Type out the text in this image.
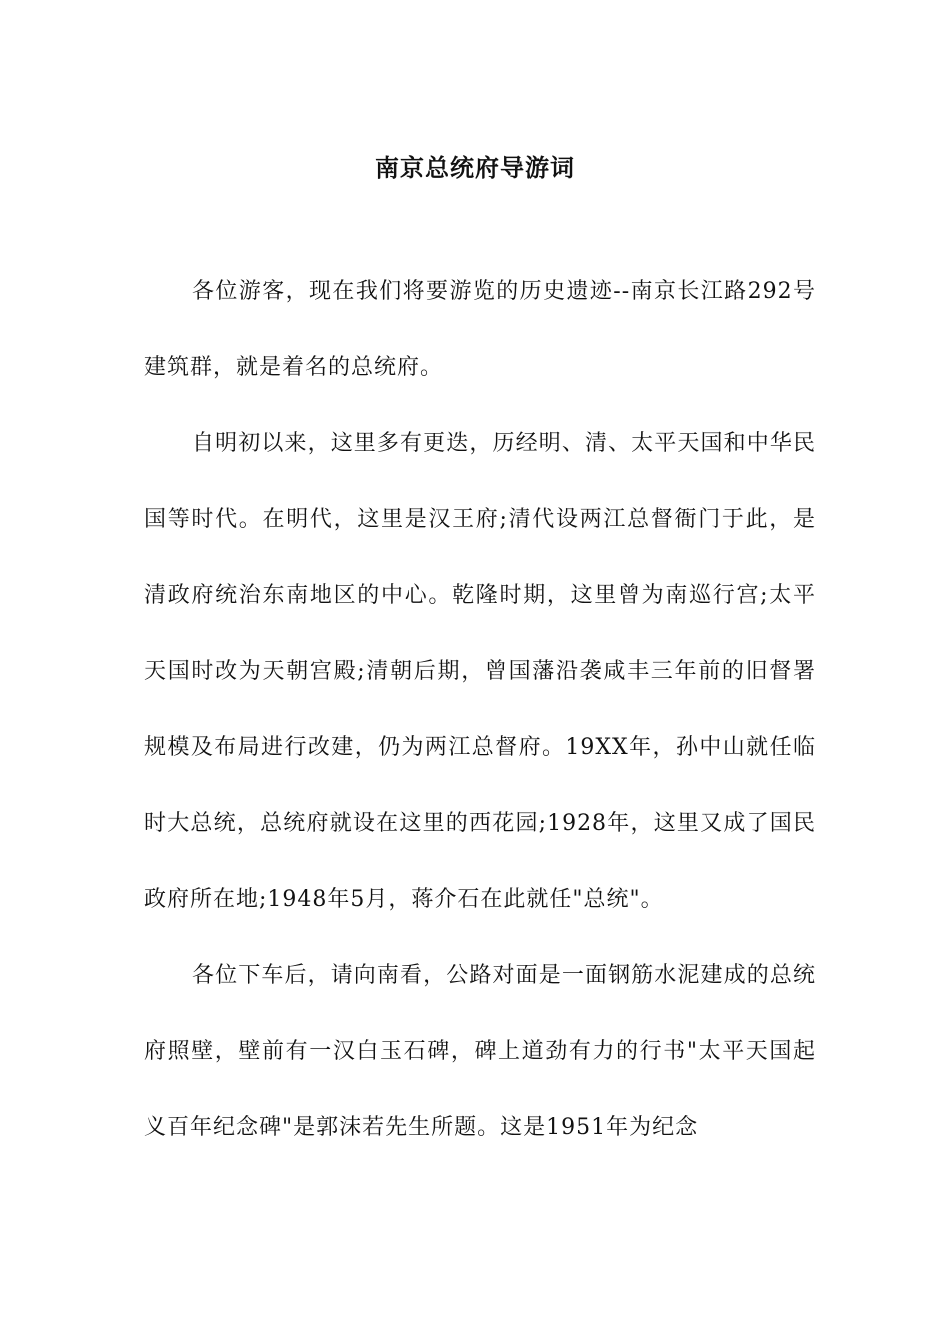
南京总统府导游词

各位游客，现在我们将要游览的历史遗迹--南京长江路292号建筑群，就是着名的总统府。

自明初以来，这里多有更迭，历经明、清、太平天国和中华民国等时代。在明代，这里是汉王府;清代设两江总督衙门于此，是清政府统治东南地区的中心。乾隆时期，这里曾为南巡行宫;太平天国时改为天朝宫殿;清朝后期，曾国藩沿袭咸丰三年前的旧督署规模及布局进行改建，仍为两江总督府。19XX年，孙中山就任临时大总统，总统府就设在这里的西花园;1928年，这里又成了国民政府所在地;1948年5月，蒋介石在此就任"总统"。

各位下车后，请向南看，公路对面是一面钢筋水泥建成的总统府照壁，壁前有一汉白玉石碑，碑上道劲有力的行书"太平天国起义百年纪念碑"是郭沫若先生所题。这是1951年为纪念
